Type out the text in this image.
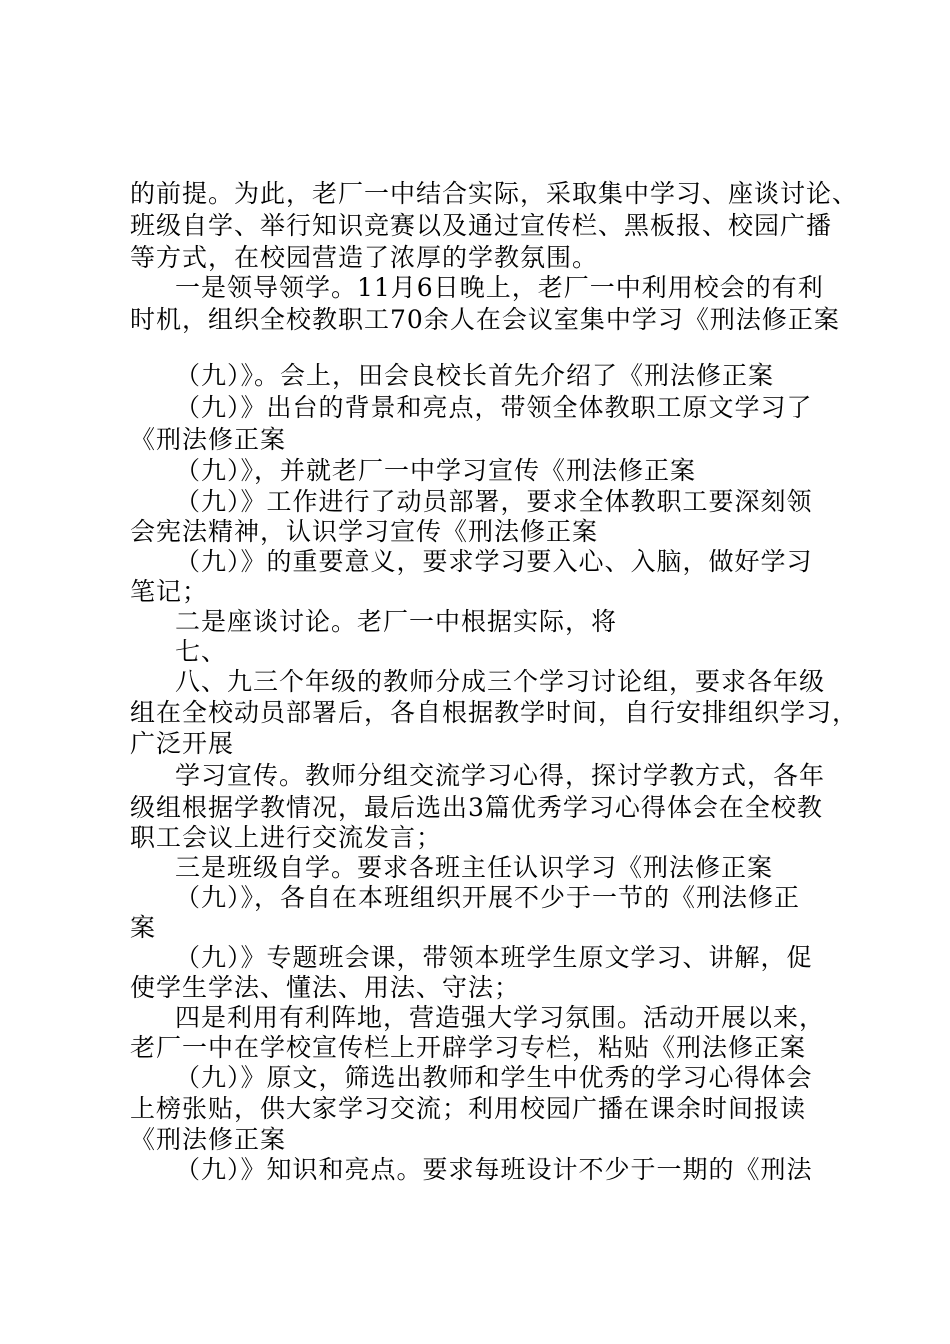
的前提。为此，老厂一中结合实际，采取集中学习、座谈讨论、
班级自学、举行知识竞赛以及通过宣传栏、黑板报、校园广播
等方式，在校园营造了浓厚的学教氛围。
一是领导领学。11月6日晚上，老厂一中利用校会的有利
时机，组织全校教职工70余人在会议室集中学习《刑法修正案
（九）》。会上，田会良校长首先介绍了《刑法修正案
（九）》出台的背景和亮点，带领全体教职工原文学习了
《刑法修正案
（九）》，并就老厂一中学习宣传《刑法修正案
（九）》工作进行了动员部署，要求全体教职工要深刻领
会宪法精神，认识学习宣传《刑法修正案
（九）》的重要意义，要求学习要入心、入脑，做好学习
笔记；
二是座谈讨论。老厂一中根据实际，将
七、
八、九三个年级的教师分成三个学习讨论组，要求各年级
组在全校动员部署后，各自根据教学时间，自行安排组织学习，
广泛开展
学习宣传。教师分组交流学习心得，探讨学教方式，各年
级组根据学教情况，最后选出3篇优秀学习心得体会在全校教
职工会议上进行交流发言；
三是班级自学。要求各班主任认识学习《刑法修正案
（九）》，各自在本班组织开展不少于一节的《刑法修正
案
（九）》专题班会课，带领本班学生原文学习、讲解，促
使学生学法、懂法、用法、守法；
四是利用有利阵地，营造强大学习氛围。活动开展以来，
老厂一中在学校宣传栏上开辟学习专栏，粘贴《刑法修正案
（九）》原文，筛选出教师和学生中优秀的学习心得体会
上榜张贴，供大家学习交流；利用校园广播在课余时间报读
《刑法修正案
（九）》知识和亮点。要求每班设计不少于一期的《刑法
